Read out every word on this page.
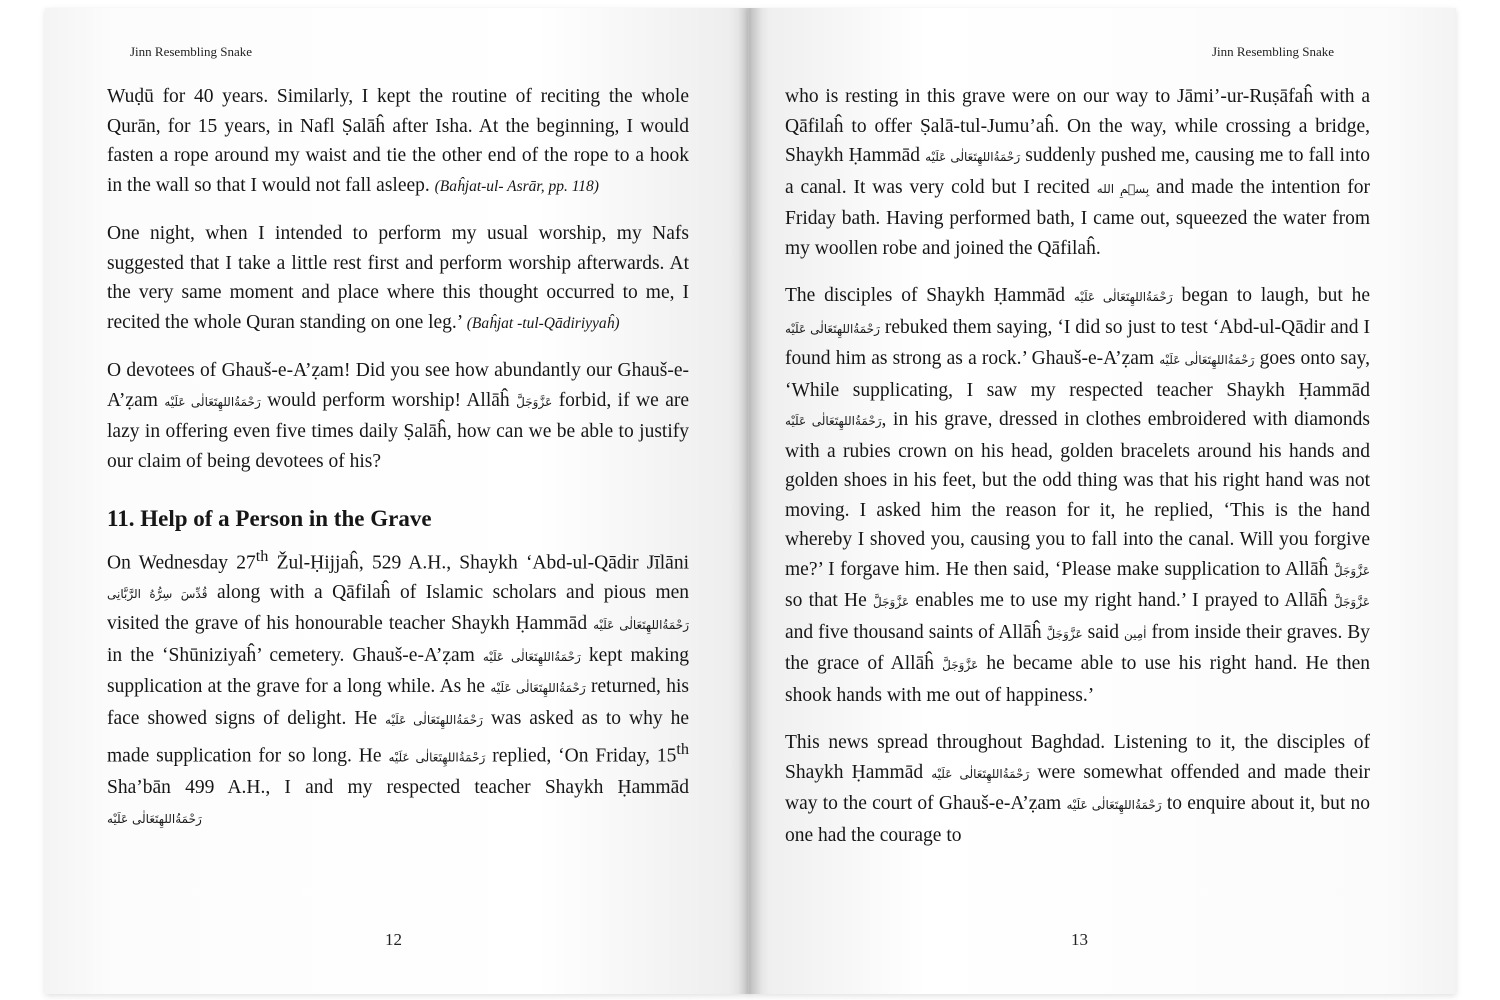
Jinn Resembling Snake

Wuḍū for 40 years. Similarly, I kept the routine of reciting the whole Qurān, for 15 years, in Nafl Ṣalāĥ after Isha. At the beginning, I would fasten a rope around my waist and tie the other end of the rope to a hook in the wall so that I would not fall asleep. (Baĥjat-ul- Asrār, pp. 118)

One night, when I intended to perform my usual worship, my Nafs suggested that I take a little rest first and perform worship afterwards. At the very same moment and place where this thought occurred to me, I recited the whole Quran standing on one leg.’ (Baĥjat -tul-Qādiriyyaĥ)

O devotees of Ghauš-e-A’ẓam! Did you see how abundantly our Ghauš-e-A’ẓam رَحْمَةُاللهِتَعَالٰى عَلَيْه would perform worship! Allāĥ عَزَّوَجَلَّ forbid, if we are lazy in offering even five times daily Ṣalāĥ, how can we be able to justify our claim of being devotees of his?

11. Help of a Person in the Grave

On Wednesday 27th Žul-Ḥijjaĥ, 529 A.H., Shaykh ‘Abd-ul-Qādir Jīlāni قُدِّسَ سِرُّهُ الرَّبَّانِى along with a Qāfilaĥ of Islamic scholars and pious men visited the grave of his honourable teacher Shaykh Ḥammād رَحْمَةُاللهِتَعَالٰى عَلَيْه in the ‘Shūniziyaĥ’ cemetery. Ghauš-e-A’ẓam رَحْمَةُاللهِتَعَالٰى عَلَيْه kept making supplication at the grave for a long while. As he رَحْمَةُاللهِتَعَالٰى عَلَيْه returned, his face showed signs of delight. He رَحْمَةُاللهِتَعَالٰى عَلَيْه was asked as to why he made supplication for so long. He رَحْمَةُاللهِتَعَالٰى عَلَيْه replied, ‘On Friday, 15th Sha’bān 499 A.H., I and my respected teacher Shaykh Ḥammād رَحْمَةُاللهِتَعَالٰى عَلَيْه

12
Jinn Resembling Snake

who is resting in this grave were on our way to Jāmi’-ur-Ruṣāfaĥ with a Qāfilaĥ to offer Ṣalā-tul-Jumu’aĥ. On the way, while crossing a bridge, Shaykh Ḥammād رَحْمَةُاللهِتَعَالٰى عَلَيْه suddenly pushed me, causing me to fall into a canal. It was very cold but I recited بِسۡمِ الله and made the intention for Friday bath. Having performed bath, I came out, squeezed the water from my woollen robe and joined the Qāfilaĥ.

The disciples of Shaykh Ḥammād رَحْمَةُاللهِتَعَالٰى عَلَيْه began to laugh, but he رَحْمَةُاللهِتَعَالٰى عَلَيْه rebuked them saying, ‘I did so just to test ‘Abd-ul-Qādir and I found him as strong as a rock.’ Ghauš-e-A’ẓam رَحْمَةُاللهِتَعَالٰى عَلَيْه goes onto say, ‘While supplicating, I saw my respected teacher Shaykh Ḥammād رَحْمَةُاللهِتَعَالٰى عَلَيْه, in his grave, dressed in clothes embroidered with diamonds with a rubies crown on his head, golden bracelets around his hands and golden shoes in his feet, but the odd thing was that his right hand was not moving. I asked him the reason for it, he replied, ‘This is the hand whereby I shoved you, causing you to fall into the canal. Will you forgive me?’ I forgave him. He then said, ‘Please make supplication to Allāĥ عَزَّوَجَلَّ so that He عَزَّوَجَلَّ enables me to use my right hand.’ I prayed to Allāĥ عَزَّوَجَلَّ and five thousand saints of Allāĥ عَزَّوَجَلَّ said اٰمِين from inside their graves. By the grace of Allāĥ عَزَّوَجَلَّ he became able to use his right hand. He then shook hands with me out of happiness.’

This news spread throughout Baghdad. Listening to it, the disciples of Shaykh Ḥammād رَحْمَةُاللهِتَعَالٰى عَلَيْه were somewhat offended and made their way to the court of Ghauš-e-A’ẓam رَحْمَةُاللهِتَعَالٰى عَلَيْه to enquire about it, but no one had the courage to

13
